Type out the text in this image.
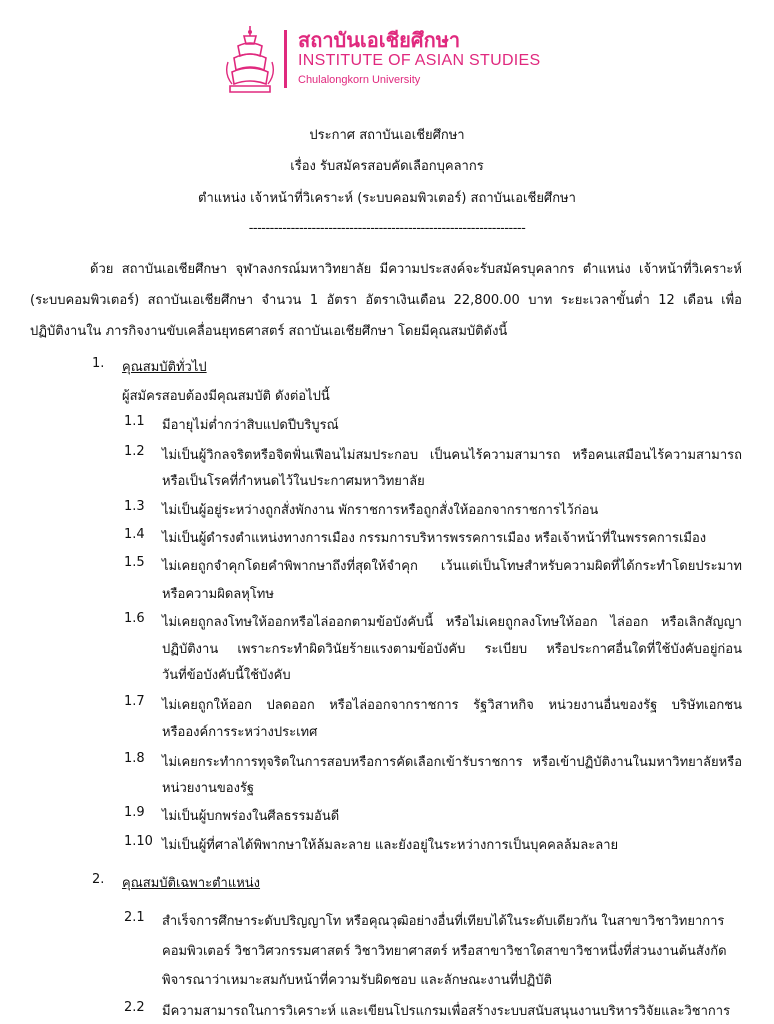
สถาบันเอเชียศึกษา
INSTITUTE OF ASIAN STUDIES
Chulalongkorn University
ประกาศ สถาบันเอเชียศึกษา
เรื่อง รับสมัครสอบคัดเลือกบุคลากร
ตำแหน่ง เจ้าหน้าที่วิเคราะห์ (ระบบคอมพิวเตอร์) สถาบันเอเชียศึกษา
------------------------------------------------------------------
ด้วย สถาบันเอเชียศึกษา จุฬาลงกรณ์มหาวิทยาลัย มีความประสงค์จะรับสมัครบุคลากร ตำแหน่ง เจ้าหน้าที่วิเคราะห์
(ระบบคอมพิวเตอร์) สถาบันเอเชียศึกษา จำนวน 1 อัตรา อัตราเงินเดือน 22,800.00 บาท ระยะเวลาขั้นต่ำ 12 เดือน เพื่อ
ปฏิบัติงานใน ภารกิจงานขับเคลื่อนยุทธศาสตร์ สถาบันเอเชียศึกษา โดยมีคุณสมบัติดังนี้
1. คุณสมบัติทั่วไป
ผู้สมัครสอบต้องมีคุณสมบัติ ดังต่อไปนี้
1.1 มีอายุไม่ต่ำกว่าสิบแปดปีบริบูรณ์
1.2 ไม่เป็นผู้วิกลจริตหรือจิตฟั่นเฟือนไม่สมประกอบ เป็นคนไร้ความสามารถ หรือคนเสมือนไร้ความสามารถ
หรือเป็นโรคที่กำหนดไว้ในประกาศมหาวิทยาลัย
1.3 ไม่เป็นผู้อยู่ระหว่างถูกสั่งพักงาน พักราชการหรือถูกสั่งให้ออกจากราชการไว้ก่อน
1.4 ไม่เป็นผู้ดำรงตำแหน่งทางการเมือง กรรมการบริหารพรรคการเมือง หรือเจ้าหน้าที่ในพรรคการเมือง
1.5 ไม่เคยถูกจำคุกโดยคำพิพากษาถึงที่สุดให้จำคุก เว้นแต่เป็นโทษสำหรับความผิดที่ได้กระทำโดยประมาท
หรือความผิดลหุโทษ
1.6 ไม่เคยถูกลงโทษให้ออกหรือไล่ออกตามข้อบังคับนี้ หรือไม่เคยถูกลงโทษให้ออก ไล่ออก หรือเลิกสัญญา
ปฏิบัติงาน เพราะกระทำผิดวินัยร้ายแรงตามข้อบังคับ ระเบียบ หรือประกาศอื่นใดที่ใช้บังคับอยู่ก่อน
วันที่ข้อบังคับนี้ใช้บังคับ
1.7 ไม่เคยถูกให้ออก ปลดออก หรือไล่ออกจากราชการ รัฐวิสาหกิจ หน่วยงานอื่นของรัฐ บริษัทเอกชน
หรือองค์การระหว่างประเทศ
1.8 ไม่เคยกระทำการทุจริตในการสอบหรือการคัดเลือกเข้ารับราชการ หรือเข้าปฏิบัติงานในมหาวิทยาลัยหรือ
หน่วยงานของรัฐ
1.9 ไม่เป็นผู้บกพร่องในศีลธรรมอันดี
1.10 ไม่เป็นผู้ที่ศาลได้พิพากษาให้ล้มละลาย และยังอยู่ในระหว่างการเป็นบุคคลล้มละลาย
2. คุณสมบัติเฉพาะตำแหน่ง
2.1 สำเร็จการศึกษาระดับปริญญาโท หรือคุณวุฒิอย่างอื่นที่เทียบได้ในระดับเดียวกัน ในสาขาวิชาวิทยาการ
คอมพิวเตอร์ วิชาวิศวกรรมศาสตร์ วิชาวิทยาศาสตร์ หรือสาขาวิชาใดสาขาวิชาหนึ่งที่ส่วนงานต้นสังกัด
พิจารณาว่าเหมาะสมกับหน้าที่ความรับผิดชอบ และลักษณะงานที่ปฏิบัติ
2.2 มีความสามารถในการวิเคราะห์ และเขียนโปรแกรมเพื่อสร้างระบบสนับสนุนงานบริหารวิจัยและวิชาการ
